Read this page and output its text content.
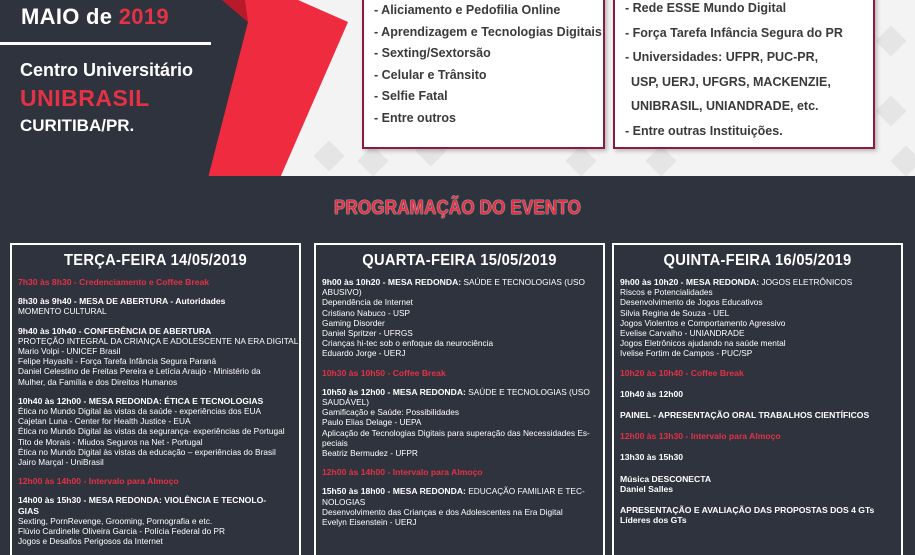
MAIO de 2019
Centro Universitário
UNIBRASIL
CURITIBA/PR.
- Aliciamento e Pedofilia Online
- Aprendizagem e Tecnologias Digitais
- Sexting/Sextorsão
- Celular e Trânsito
- Selfie Fatal
- Entre outros
- Rede ESSE Mundo Digital
- Força Tarefa Infância Segura do PR
- Universidades: UFPR, PUC-PR,
USP, UERJ, UFGRS, MACKENZIE,
UNIBRASIL, UNIANDRADE, etc.
- Entre outras Instituições.
PROGRAMAÇÃO DO EVENTO
TERÇA-FEIRA 14/05/2019
7h30 às 8h30 - Credenciamento e Coffee Break
8h30 às 9h40 - MESA DE ABERTURA - Autoridades
MOMENTO CULTURAL
9h40 às 10h40 - CONFERÊNCIA DE ABERTURA
PROTEÇÃO INTEGRAL DA CRIANÇA E ADOLESCENTE NA ERA DIGITAL
Mario Volpi - UNICEF Brasil
Felipe Hayashi - Força Tarefa Infância Segura Paraná
Daniel Celestino de Freitas Pereira e Letícia Araujo - Ministério da
Mulher, da Família e dos Direitos Humanos
10h40 às 12h00 - MESA REDONDA: ÉTICA E TECNOLOGIAS
Ética no Mundo Digital às vistas da saúde - experiências dos EUA
Cajetan Luna - Center for Health Justice - EUA
Ética no Mundo Digital às vistas da segurança- experiências de Portugal
Tito de Morais - Miudos Seguros na Net - Portugal
Ética no Mundo Digital às vistas da educação – experiências do Brasil
Jairo Marçal - UniBrasil
12h00 às 14h00 - Intervalo para Almoço
14h00 às 15h30 - MESA REDONDA: VIOLÊNCIA E TECNOLO-
GIAS
Sexting, PornRevenge, Grooming, Pornografia e etc.
Flúvio Cardinelle Oliveira Garcia - Polícia Federal do PR
Jogos e Desafios Perigosos da Internet
QUARTA-FEIRA 15/05/2019
9h00 às 10h20 - MESA REDONDA: SAÚDE E TECNOLOGIAS (USO
ABUSIVO)
Dependência de Internet
Cristiano Nabuco - USP
Gaming Disorder
Daniel Spritzer - UFRGS
Crianças hi-tec sob o enfoque da neurociência
Eduardo Jorge - UERJ
10h30 às 10h50 - Coffee Break
10h50 às 12h00 - MESA REDONDA: SAÚDE E TECNOLOGIAS (USO
SAUDÁVEL)
Gamificação e Saúde: Possibilidades
Paulo Elias Delage - UEPA
Aplicação de Tecnologias Digitais para superação das Necessidades Es-
peciais
Beatriz Bermudez - UFPR
12h00 às 14h00 - Intervalo para Almoço
15h50 às 18h00 - MESA REDONDA: EDUCAÇÃO FAMILIAR E TEC-
NOLOGIAS
Desenvolvimento das Crianças e dos Adolescentes na Era Digital
Evelyn Eisenstein - UERJ
QUINTA-FEIRA 16/05/2019
9h00 às 10h20 - MESA REDONDA: JOGOS ELETRÔNICOS
Riscos e Potencialidades
Desenvolvimento de Jogos Educativos
Silvia Regina de Souza - UEL
Jogos Violentos e Comportamento Agressivo
Evelise Carvalho - UNIANDRADE
Jogos Eletrônicos ajudando na saúde mental
Ivelise Fortim de Campos - PUC/SP
10h20 às 10h40 - Coffee Break
10h40 às 12h00
PAINEL - APRESENTAÇÃO ORAL TRABALHOS CIENTÍFICOS
12h00 às 13h30 - Intervalo para Almoço
13h30 às 15h30
Música DESCONECTA
Daniel Salles
APRESENTAÇÃO E AVALIAÇÃO DAS PROPOSTAS DOS 4 GTs
Líderes dos GTs
